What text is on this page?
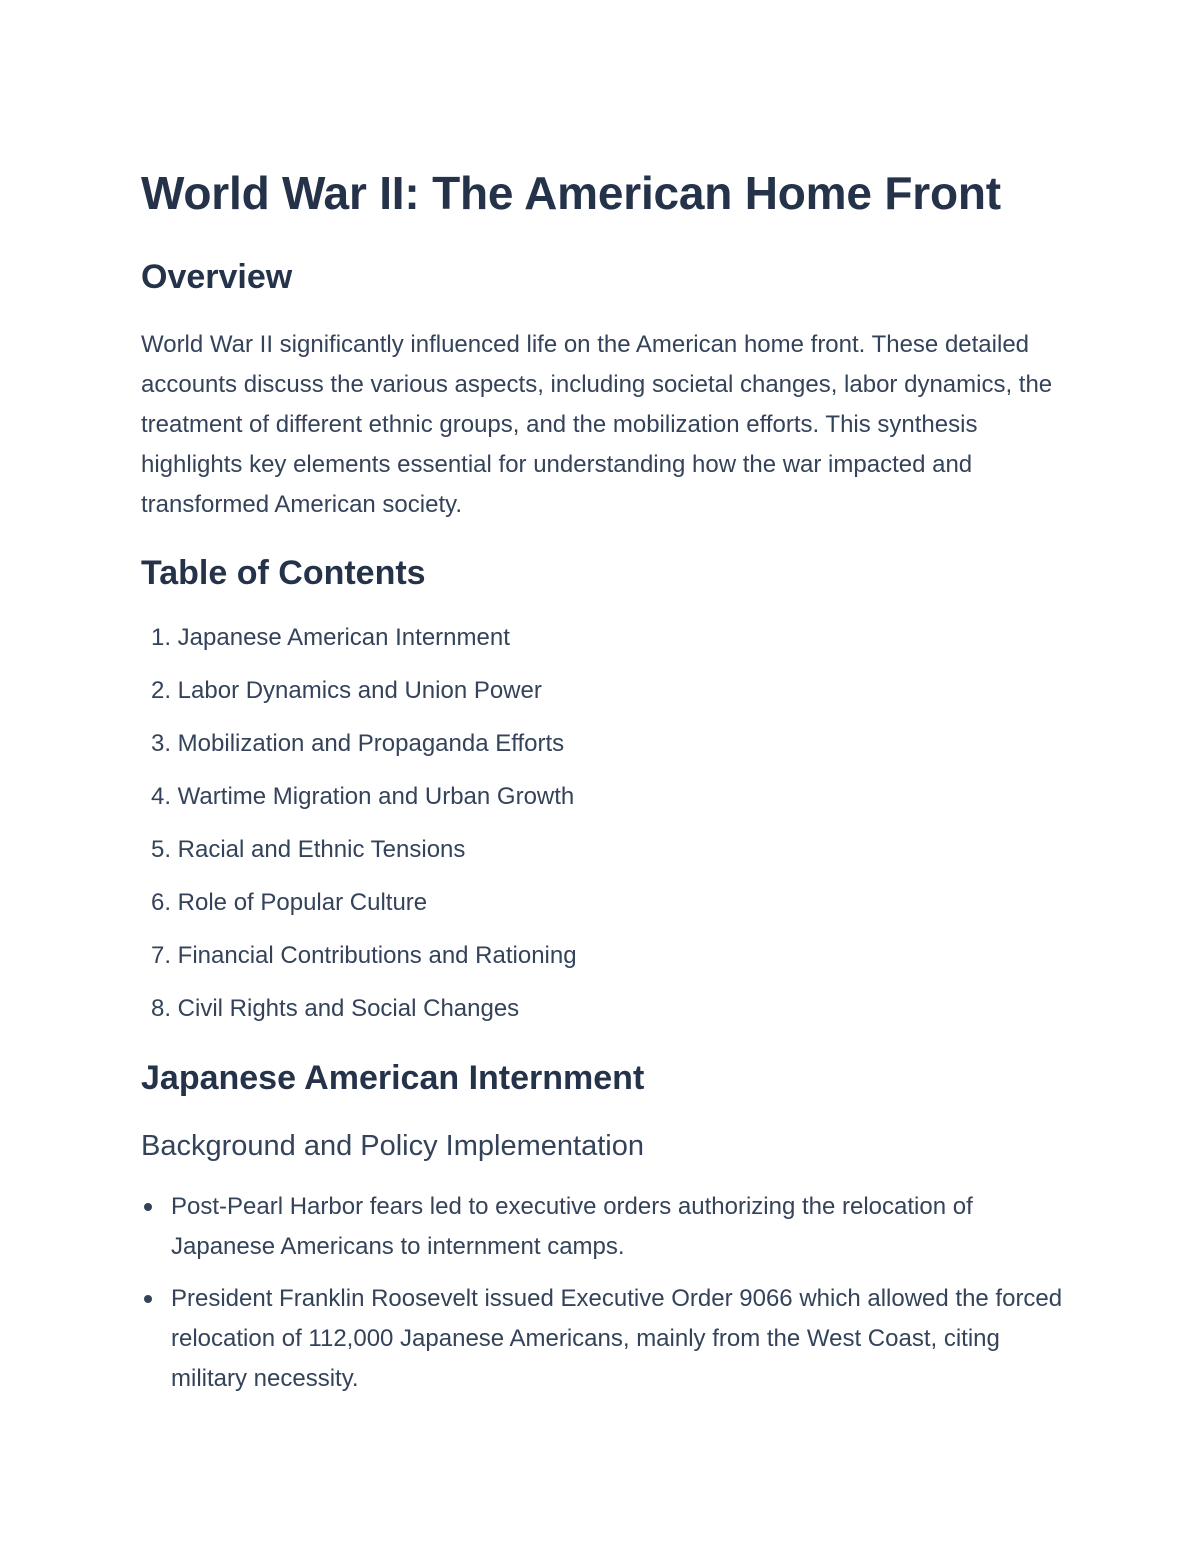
World War II: The American Home Front
Overview

World War II significantly influenced life on the American home front. These detailed accounts discuss the various aspects, including societal changes, labor dynamics, the treatment of different ethnic groups, and the mobilization efforts. This synthesis highlights key elements essential for understanding how the war impacted and transformed American society.

Table of Contents
1. Japanese American Internment
2. Labor Dynamics and Union Power
3. Mobilization and Propaganda Efforts
4. Wartime Migration and Urban Growth
5. Racial and Ethnic Tensions
6. Role of Popular Culture
7. Financial Contributions and Rationing
8. Civil Rights and Social Changes
Japanese American Internment
Background and Policy Implementation
Post-Pearl Harbor fears led to executive orders authorizing the relocation of Japanese Americans to internment camps.
President Franklin Roosevelt issued Executive Order 9066 which allowed the forced relocation of 112,000 Japanese Americans, mainly from the West Coast, citing military necessity.
